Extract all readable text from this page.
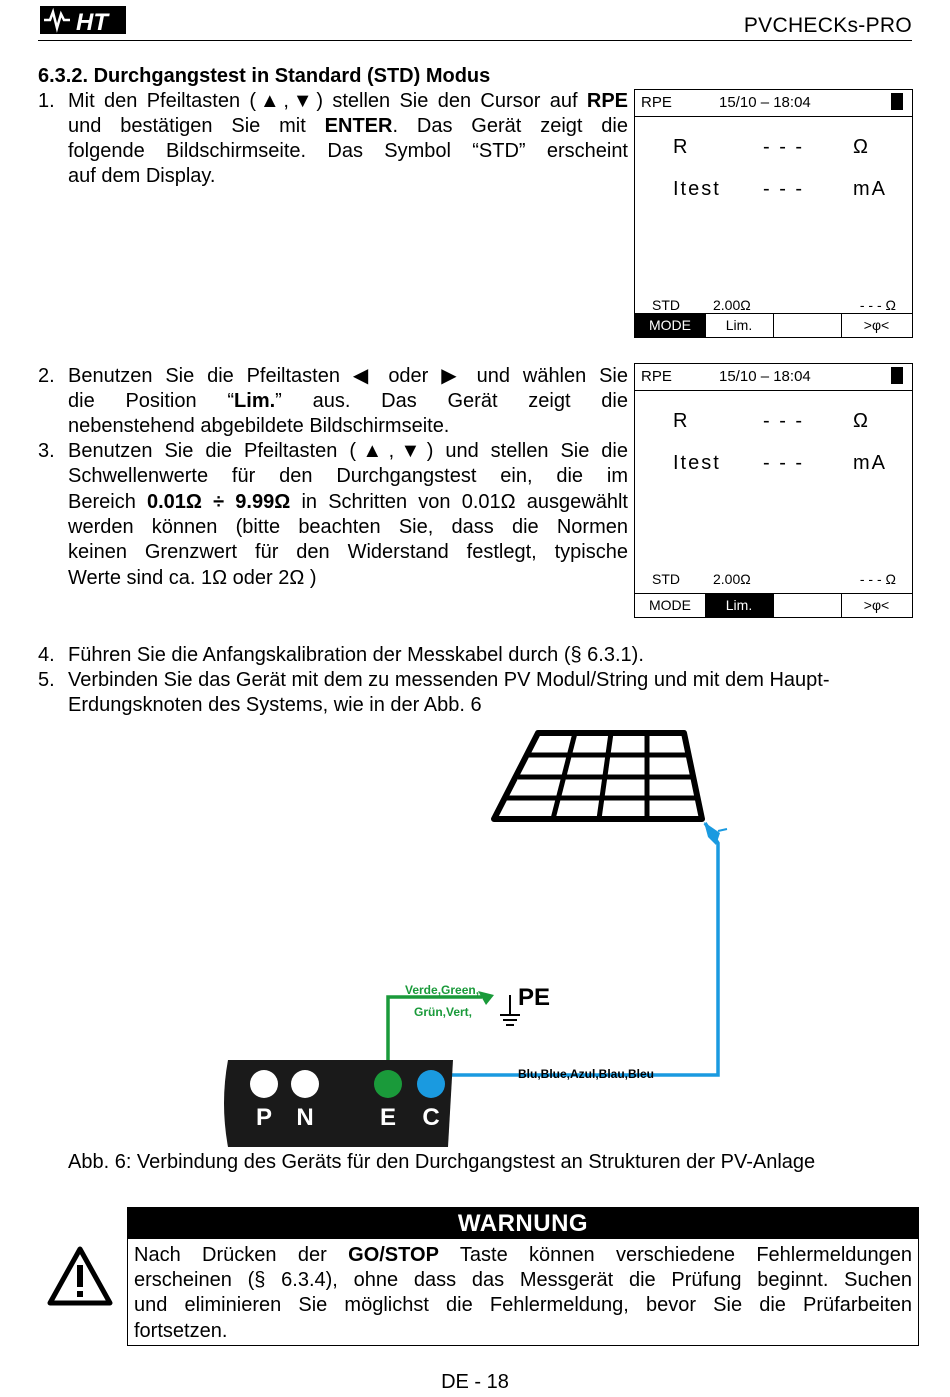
HT	PVCHECKs-PRO
6.3.2. Durchgangstest in Standard (STD) Modus
1. Mit den Pfeiltasten (▲,▼) stellen Sie den Cursor auf RPE
und bestätigen Sie mit ENTER. Das Gerät zeigt die
folgende Bildschirmseite. Das Symbol “STD” erscheint
auf dem Display.
RPE	15/10 – 18:04
R	- - - Ω
Itest - - - mA
STD 2.00Ω	- - - Ω
MODE	Lim.	>φ<
2. Benutzen Sie die Pfeiltasten ◀ oder ▶ und wählen Sie
die Position “Lim.” aus. Das Gerät zeigt die
nebenstehend abgebildete Bildschirmseite.
3. Benutzen Sie die Pfeiltasten (▲,▼) und stellen Sie die
Schwellenwerte für den Durchgangstest ein, die im
Bereich 0.01Ω ÷ 9.99Ω in Schritten von 0.01Ω ausgewählt
werden können (bitte beachten Sie, dass die Normen
keinen Grenzwert für den Widerstand festlegt, typische
Werte sind ca. 1Ω oder 2Ω )
RPE	15/10 – 18:04
R	- - - Ω
Itest - - - mA
STD 2.00Ω	- - - Ω
MODE	Lim.	>φ<
4. Führen Sie die Anfangskalibration der Messkabel durch (§ 6.3.1).
5. Verbinden Sie das Gerät mit dem zu messenden PV Modul/String und mit dem Haupt-
Erdungsknoten des Systems, wie in der Abb. 6
Verde,Green,
Grün,Vert,
PE
Blu,Blue,Azul,Blau,Bleu
P N	E C
Abb. 6: Verbindung des Geräts für den Durchgangstest an Strukturen der PV-Anlage
WARNUNG
Nach Drücken der GO/STOP Taste können verschiedene Fehlermeldungen
erscheinen (§ 6.3.4), ohne dass das Messgerät die Prüfung beginnt. Suchen
und eliminieren Sie möglichst die Fehlermeldung, bevor Sie die Prüfarbeiten
fortsetzen.
DE - 18
